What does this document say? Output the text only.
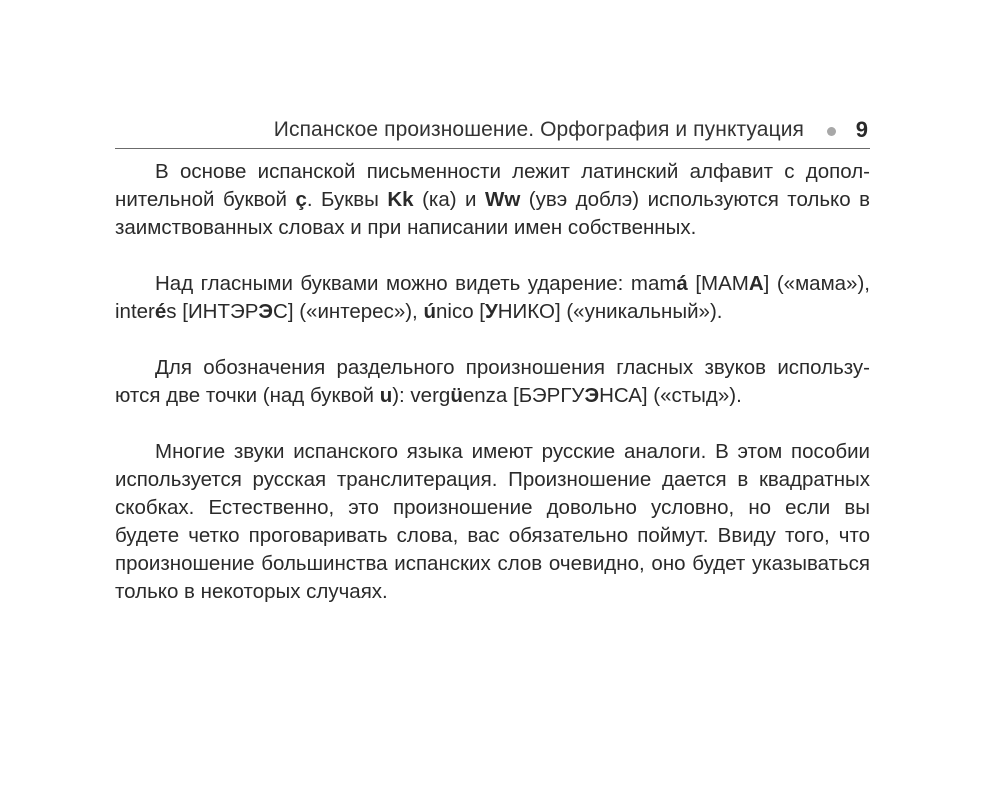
Испанское произношение. Орфография и пунктуация 9

В основе испанской письменности лежит латинский алфавит с дополнительной буквой ç. Буквы Kk (ка) и Ww (увэ доблэ) используются только в заимствованных словах и при написании имен собственных.

Над гласными буквами можно видеть ударение: mamá [МАМА] («мама»), interés [ИНТЭРЭС] («интерес»), único [УНИКО] («уникальный»).

Для обозначения раздельного произношения гласных звуков используются две точки (над буквой u): vergüenza [БЭРГУЭНСА] («стыд»).

Многие звуки испанского языка имеют русские аналоги. В этом пособии используется русская транслитерация. Произношение дается в квадратных скобках. Естественно, это произношение довольно условно, но если вы будете четко проговаривать слова, вас обязательно поймут. Ввиду того, что произношение большинства испанских слов очевидно, оно будет указываться только в некоторых случаях.
